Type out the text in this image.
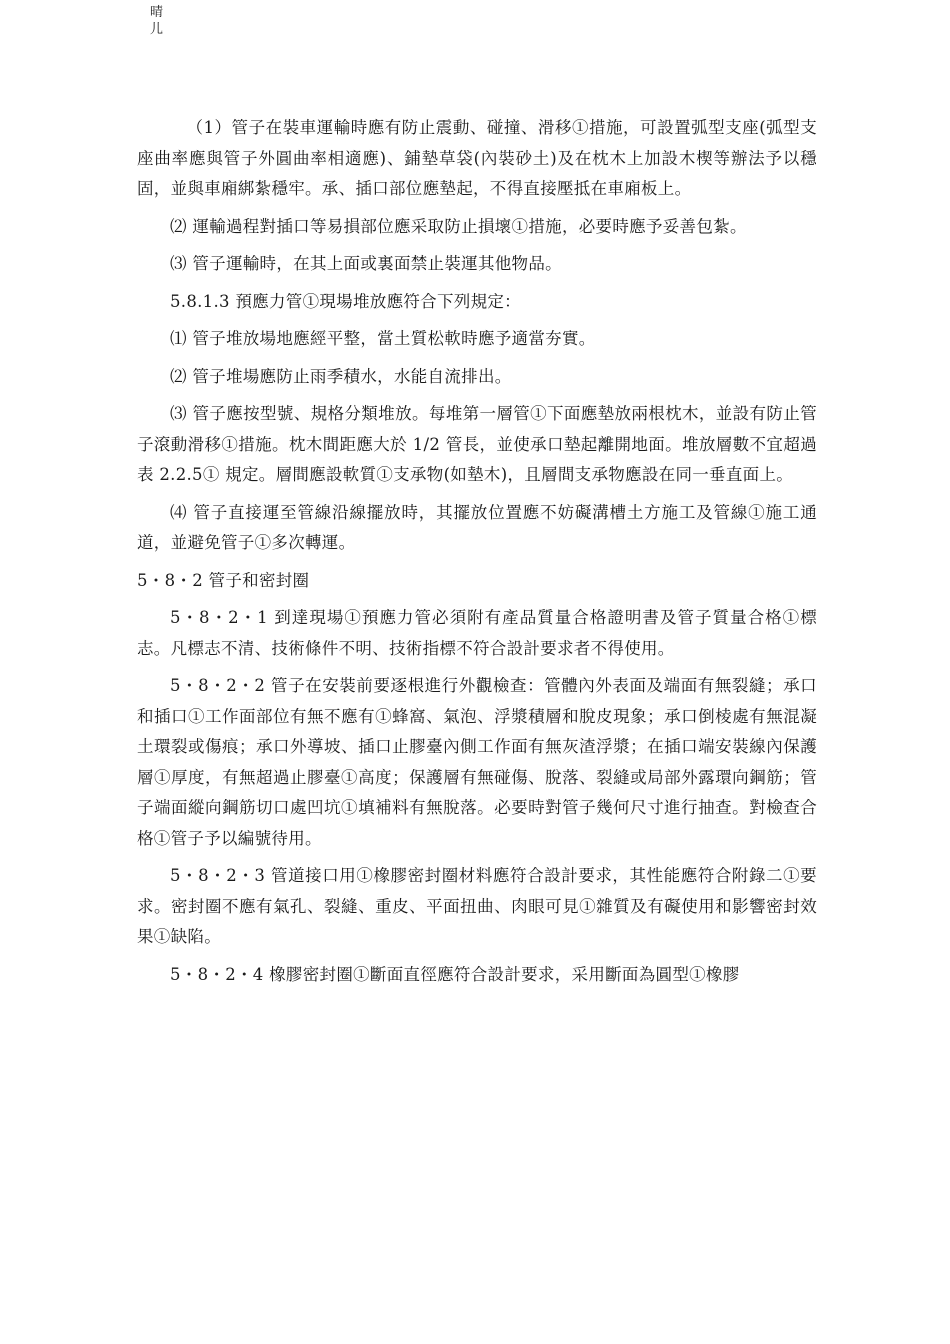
晴
儿

（1）管子在裝車運輸時應有防止震動、碰撞、滑移①措施，可設置弧型支座(弧型支座曲率應與管子外圓曲率相適應)、鋪墊草袋(內裝砂土)及在枕木上加設木楔等辦法予以穩固，並與車廂綁紮穩牢。承、插口部位應墊起，不得直接壓抵在車廂板上。

⑵ 運輸過程對插口等易損部位應采取防止損壞①措施，必要時應予妥善包紮。

⑶ 管子運輸時，在其上面或裏面禁止裝運其他物品。

5.8.1.3 預應力管①現場堆放應符合下列規定：

⑴ 管子堆放場地應經平整，當土質松軟時應予適當夯實。

⑵ 管子堆場應防止雨季積水，水能自流排出。

⑶ 管子應按型號、規格分類堆放。每堆第一層管①下面應墊放兩根枕木，並設有防止管子滾動滑移①措施。枕木間距應大於 1/2 管長，並使承口墊起離開地面。堆放層數不宜超過表 2.2.5① 規定。層間應設軟質①支承物(如墊木)，且層間支承物應設在同一垂直面上。

⑷ 管子直接運至管線沿線擺放時，其擺放位置應不妨礙溝槽土方施工及管線①施工通道，並避免管子①多次轉運。

5・8・2 管子和密封圈

5・8・2・1 到達現場①預應力管必須附有產品質量合格證明書及管子質量合格①標志。凡標志不清、技術條件不明、技術指標不符合設計要求者不得使用。

5・8・2・2 管子在安裝前要逐根進行外觀檢查：管體內外表面及端面有無裂縫；承口和插口①工作面部位有無不應有①蜂窩、氣泡、浮漿積層和脫皮現象；承口倒棱處有無混凝土環裂或傷痕；承口外導坡、插口止膠臺內側工作面有無灰渣浮漿；在插口端安裝線內保護層①厚度，有無超過止膠臺①高度；保護層有無碰傷、脫落、裂縫或局部外露環向鋼筋；管子端面縱向鋼筋切口處凹坑①填補料有無脫落。必要時對管子幾何尺寸進行抽查。對檢查合格①管子予以編號待用。

5・8・2・3 管道接口用①橡膠密封圈材料應符合設計要求，其性能應符合附錄二①要求。密封圈不應有氣孔、裂縫、重皮、平面扭曲、肉眼可見①雜質及有礙使用和影響密封效果①缺陷。

5・8・2・4 橡膠密封圈①斷面直徑應符合設計要求，采用斷面為圓型①橡膠
